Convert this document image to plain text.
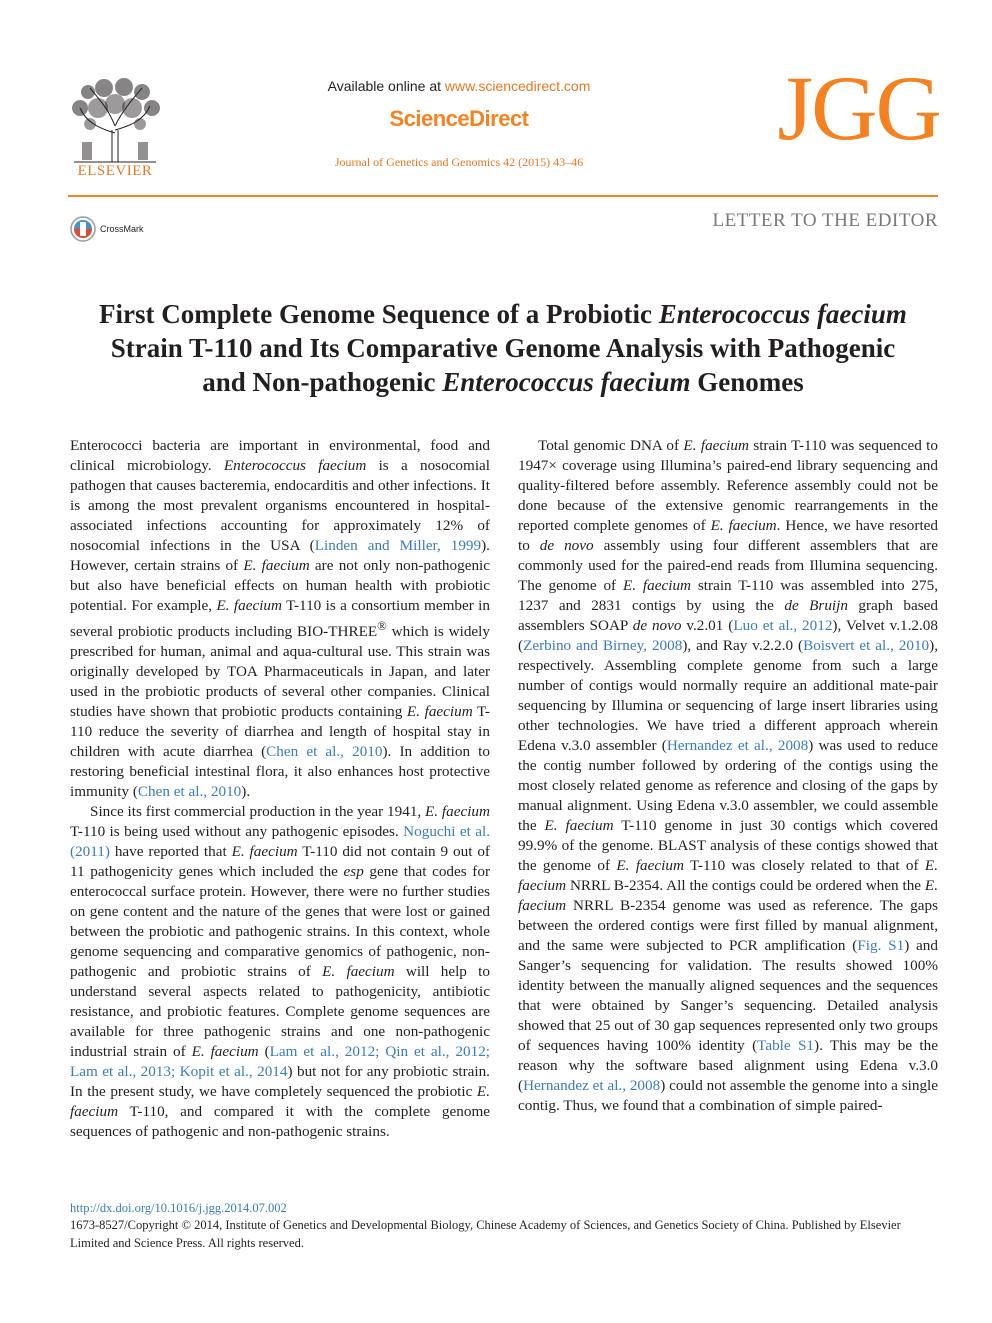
ELSEVIER
Available online at www.sciencedirect.com
ScienceDirect
Journal of Genetics and Genomics 42 (2015) 43–46
JGG
CrossMark	LETTER TO THE EDITOR
First Complete Genome Sequence of a Probiotic Enterococcus faecium
Strain T-110 and Its Comparative Genome Analysis with Pathogenic
and Non-pathogenic Enterococcus faecium Genomes

Enterococci bacteria are important in environmental, food and clinical microbiology. Enterococcus faecium is a nosocomial pathogen that causes bacteremia, endocarditis and other infections. It is among the most prevalent organisms encountered in hospital-associated infections accounting for approximately 12% of nosocomial infections in the USA (Linden and Miller, 1999). However, certain strains of E. faecium are not only non-pathogenic but also have beneficial effects on human health with probiotic potential. For example, E. faecium T-110 is a consortium member in several probiotic products including BIO-THREE® which is widely prescribed for human, animal and aqua-cultural use. This strain was originally developed by TOA Pharmaceuticals in Japan, and later used in the probiotic products of several other companies. Clinical studies have shown that probiotic products containing E. faecium T-110 reduce the severity of diarrhea and length of hospital stay in children with acute diarrhea (Chen et al., 2010). In addition to restoring beneficial intestinal flora, it also enhances host protective immunity (Chen et al., 2010).

Since its first commercial production in the year 1941, E. faecium T-110 is being used without any pathogenic episodes. Noguchi et al. (2011) have reported that E. faecium T-110 did not contain 9 out of 11 pathogenicity genes which included the esp gene that codes for enterococcal surface protein. However, there were no further studies on gene content and the nature of the genes that were lost or gained between the probiotic and pathogenic strains. In this context, whole genome sequencing and comparative genomics of pathogenic, non-pathogenic and probiotic strains of E. faecium will help to understand several aspects related to pathogenicity, antibiotic resistance, and probiotic features. Complete genome sequences are available for three pathogenic strains and one non-pathogenic industrial strain of E. faecium (Lam et al., 2012; Qin et al., 2012; Lam et al., 2013; Kopit et al., 2014) but not for any probiotic strain. In the present study, we have completely sequenced the probiotic E. faecium T-110, and compared it with the complete genome sequences of pathogenic and non-pathogenic strains.

Total genomic DNA of E. faecium strain T-110 was sequenced to 1947× coverage using Illumina’s paired-end library sequencing and quality-filtered before assembly. Reference assembly could not be done because of the extensive genomic rearrangements in the reported complete genomes of E. faecium. Hence, we have resorted to de novo assembly using four different assemblers that are commonly used for the paired-end reads from Illumina sequencing. The genome of E. faecium strain T-110 was assembled into 275, 1237 and 2831 contigs by using the de Bruijn graph based assemblers SOAP de novo v.2.01 (Luo et al., 2012), Velvet v.1.2.08 (Zerbino and Birney, 2008), and Ray v.2.2.0 (Boisvert et al., 2010), respectively. Assembling complete genome from such a large number of contigs would normally require an additional mate-pair sequencing by Illumina or sequencing of large insert libraries using other technologies. We have tried a different approach wherein Edena v.3.0 assembler (Hernandez et al., 2008) was used to reduce the contig number followed by ordering of the contigs using the most closely related genome as reference and closing of the gaps by manual alignment. Using Edena v.3.0 assembler, we could assemble the E. faecium T-110 genome in just 30 contigs which covered 99.9% of the genome. BLAST analysis of these contigs showed that the genome of E. faecium T-110 was closely related to that of E. faecium NRRL B-2354. All the contigs could be ordered when the E. faecium NRRL B-2354 genome was used as reference. The gaps between the ordered contigs were first filled by manual alignment, and the same were subjected to PCR amplification (Fig. S1) and Sanger’s sequencing for validation. The results showed 100% identity between the manually aligned sequences and the sequences that were obtained by Sanger’s sequencing. Detailed analysis showed that 25 out of 30 gap sequences represented only two groups of sequences having 100% identity (Table S1). This may be the reason why the software based alignment using Edena v.3.0 (Hernandez et al., 2008) could not assemble the genome into a single contig. Thus, we found that a combination of simple paired-

http://dx.doi.org/10.1016/j.jgg.2014.07.002
1673-8527/Copyright © 2014, Institute of Genetics and Developmental Biology, Chinese Academy of Sciences, and Genetics Society of China. Published by Elsevier Limited and Science Press. All rights reserved.
